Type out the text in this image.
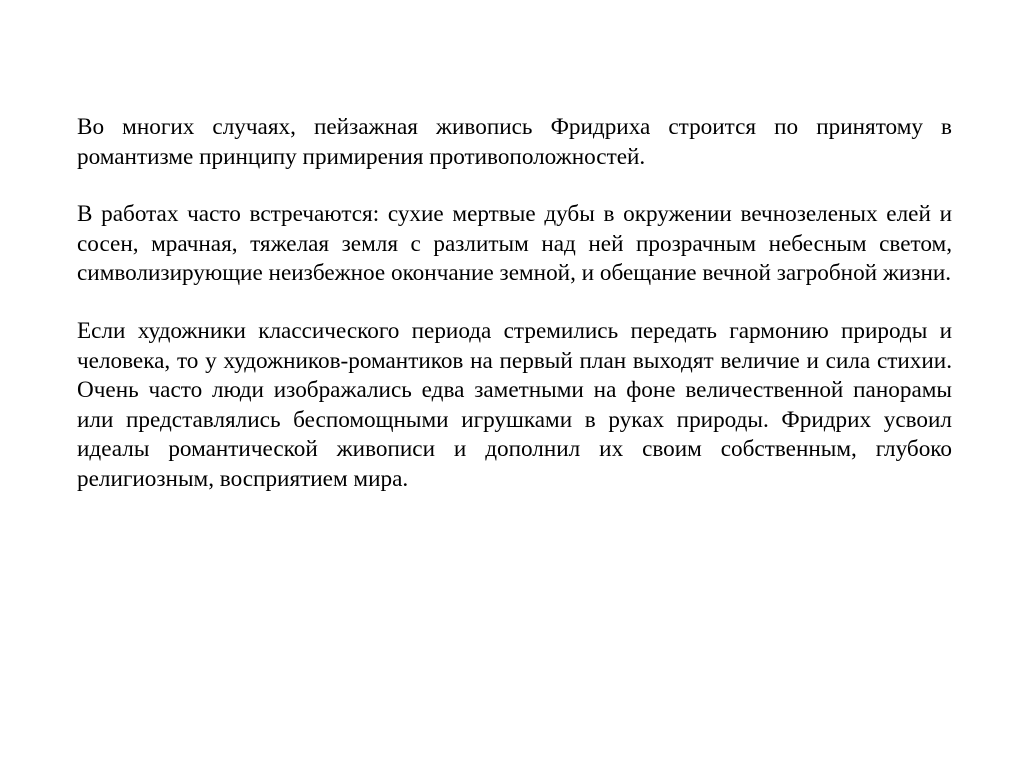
Во многих случаях, пейзажная живопись Фридриха строится по принятому в романтизме принципу примирения противоположностей.

В работах часто встречаются: сухие мертвые дубы в окружении вечнозеленых елей и сосен, мрачная, тяжелая земля с разлитым над ней прозрачным небесным светом, символизирующие неизбежное окончание земной, и обещание вечной загробной жизни.

Если художники классического периода стремились передать гармонию природы и человека, то у художников-романтиков на первый план выходят величие и сила стихии. Очень часто люди изображались едва заметными на фоне величественной панорамы или представлялись беспомощными игрушками в руках природы. Фридрих усвоил идеалы романтической живописи и дополнил их своим собственным, глубоко религиозным, восприятием мира.
